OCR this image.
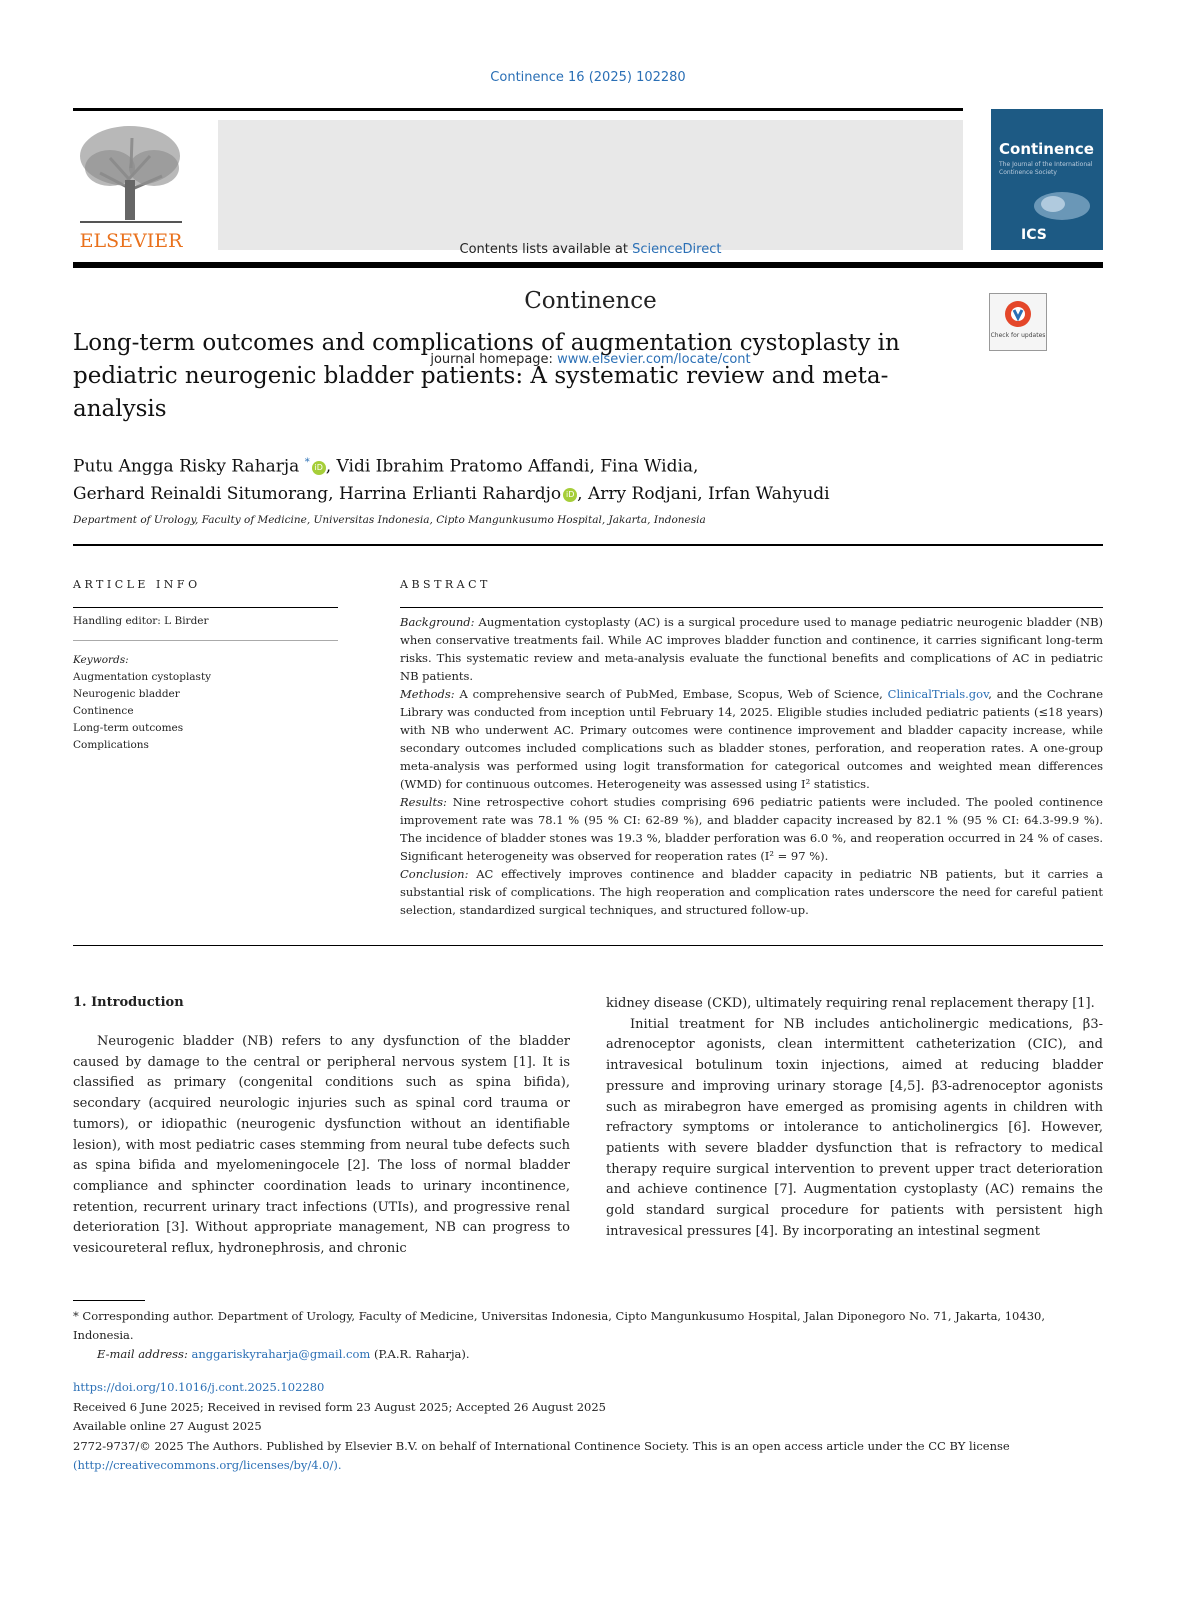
Continence 16 (2025) 102280
ELSEVIER	Contents lists available at ScienceDirect
Continence
journal homepage: www.elsevier.com/locate/cont
Continence
The Journal of the International Continence Society
ICS
Check for updates
Long-term outcomes and complications of augmentation cystoplasty in pediatric neurogenic bladder patients: A systematic review and meta-analysis
Putu Angga Risky Raharja * iD , Vidi Ibrahim Pratomo Affandi, Fina Widia,
Gerhard Reinaldi Situmorang, Harrina Erlianti Rahardjo iD , Arry Rodjani, Irfan Wahyudi
Department of Urology, Faculty of Medicine, Universitas Indonesia, Cipto Mangunkusumo Hospital, Jakarta, Indonesia
ARTICLE INFO	ABSTRACT
Handling editor: L Birder
Keywords:
Augmentation cystoplasty
Neurogenic bladder
Continence
Long-term outcomes
Complications

Background: Augmentation cystoplasty (AC) is a surgical procedure used to manage pediatric neurogenic bladder (NB) when conservative treatments fail. While AC improves bladder function and continence, it carries significant long-term risks. This systematic review and meta-analysis evaluate the functional benefits and complications of AC in pediatric NB patients.

Methods: A comprehensive search of PubMed, Embase, Scopus, Web of Science, ClinicalTrials.gov, and the Cochrane Library was conducted from inception until February 14, 2025. Eligible studies included pediatric patients (≤18 years) with NB who underwent AC. Primary outcomes were continence improvement and bladder capacity increase, while secondary outcomes included complications such as bladder stones, perforation, and reoperation rates. A one-group meta-analysis was performed using logit transformation for categorical outcomes and weighted mean differences (WMD) for continuous outcomes. Heterogeneity was assessed using I² statistics.

Results: Nine retrospective cohort studies comprising 696 pediatric patients were included. The pooled continence improvement rate was 78.1 % (95 % CI: 62-89 %), and bladder capacity increased by 82.1 % (95 % CI: 64.3-99.9 %). The incidence of bladder stones was 19.3 %, bladder perforation was 6.0 %, and reoperation occurred in 24 % of cases. Significant heterogeneity was observed for reoperation rates (I² = 97 %).

Conclusion: AC effectively improves continence and bladder capacity in pediatric NB patients, but it carries a substantial risk of complications. The high reoperation and complication rates underscore the need for careful patient selection, standardized surgical techniques, and structured follow-up.

1. Introduction

Neurogenic bladder (NB) refers to any dysfunction of the bladder caused by damage to the central or peripheral nervous system [1]. It is classified as primary (congenital conditions such as spina bifida), secondary (acquired neurologic injuries such as spinal cord trauma or tumors), or idiopathic (neurogenic dysfunction without an identifiable lesion), with most pediatric cases stemming from neural tube defects such as spina bifida and myelomeningocele [2]. The loss of normal bladder compliance and sphincter coordination leads to urinary incontinence, retention, recurrent urinary tract infections (UTIs), and progressive renal deterioration [3]. Without appropriate management, NB can progress to vesicoureteral reflux, hydronephrosis, and chronic

kidney disease (CKD), ultimately requiring renal replacement therapy [1].

Initial treatment for NB includes anticholinergic medications, β3-adrenoceptor agonists, clean intermittent catheterization (CIC), and intravesical botulinum toxin injections, aimed at reducing bladder pressure and improving urinary storage [4,5]. β3-adrenoceptor agonists such as mirabegron have emerged as promising agents in children with refractory symptoms or intolerance to anticholinergics [6]. However, patients with severe bladder dysfunction that is refractory to medical therapy require surgical intervention to prevent upper tract deterioration and achieve continence [7]. Augmentation cystoplasty (AC) remains the gold standard surgical procedure for patients with persistent high intravesical pressures [4]. By incorporating an intestinal segment

* Corresponding author. Department of Urology, Faculty of Medicine, Universitas Indonesia, Cipto Mangunkusumo Hospital, Jalan Diponegoro No. 71, Jakarta, 10430, Indonesia.

E-mail address: anggariskyraharja@gmail.com (P.A.R. Raharja).

https://doi.org/10.1016/j.cont.2025.102280

Received 6 June 2025; Received in revised form 23 August 2025; Accepted 26 August 2025

Available online 27 August 2025

2772-9737/© 2025 The Authors. Published by Elsevier B.V. on behalf of International Continence Society. This is an open access article under the CC BY license
(http://creativecommons.org/licenses/by/4.0/).
